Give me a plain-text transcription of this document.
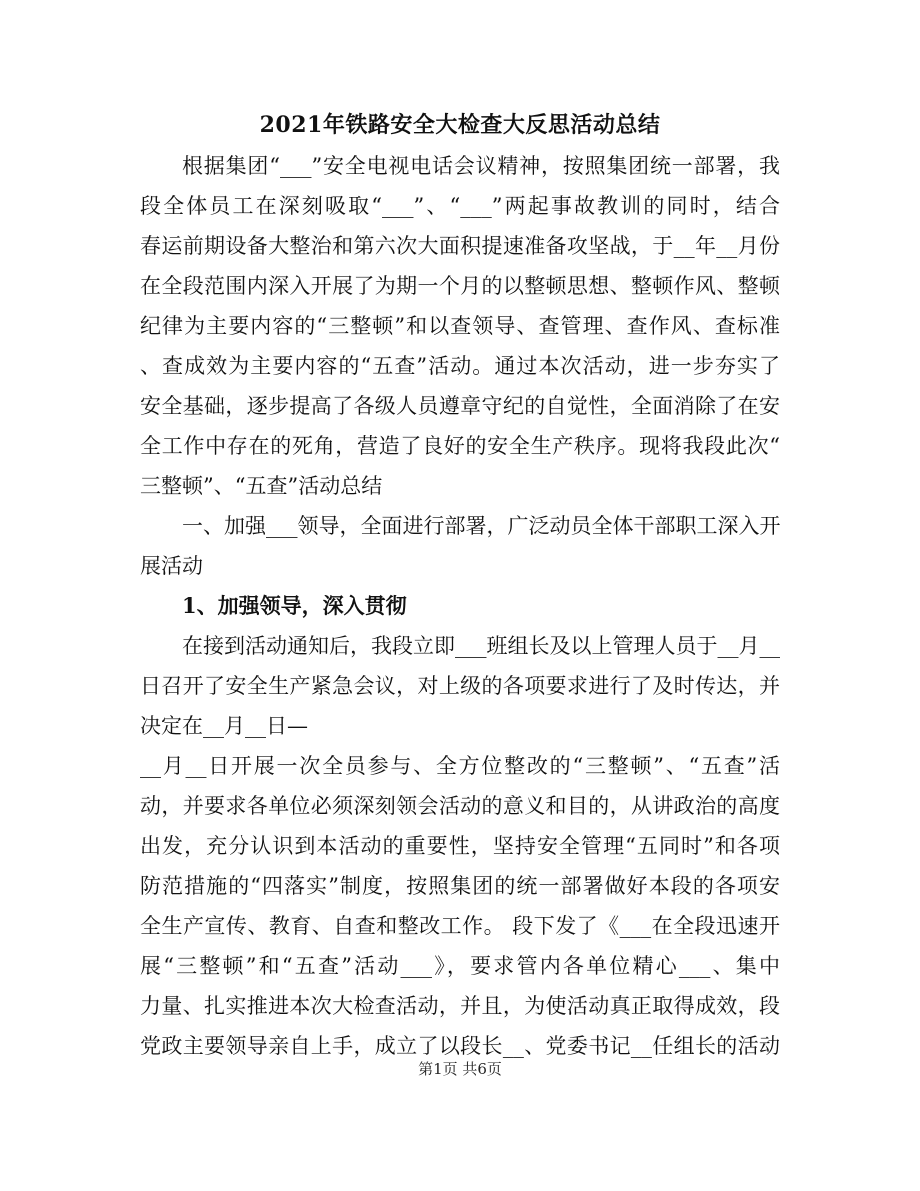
2021年铁路安全大检查大反思活动总结
根据集团“___”安全电视电话会议精神，按照集团统一部署，我
段全体员工在深刻吸取“___”、“___”两起事故教训的同时，结合
春运前期设备大整治和第六次大面积提速准备攻坚战，于__年__月份
在全段范围内深入开展了为期一个月的以整顿思想、整顿作风、整顿
纪律为主要内容的“三整顿”和以查领导、查管理、查作风、查标准
、查成效为主要内容的“五查”活动。通过本次活动，进一步夯实了
安全基础，逐步提高了各级人员遵章守纪的自觉性，全面消除了在安
全工作中存在的死角，营造了良好的安全生产秩序。现将我段此次“
三整顿”、“五查”活动总结
一、加强___领导，全面进行部署，广泛动员全体干部职工深入开
展活动
1、加强领导，深入贯彻
在接到活动通知后，我段立即___班组长及以上管理人员于__月__
日召开了安全生产紧急会议，对上级的各项要求进行了及时传达，并
决定在__月__日—
__月__日开展一次全员参与、全方位整改的“三整顿”、“五查”活
动，并要求各单位必须深刻领会活动的意义和目的，从讲政治的高度
出发，充分认识到本活动的重要性，坚持安全管理“五同时”和各项
防范措施的“四落实”制度，按照集团的统一部署做好本段的各项安
全生产宣传、教育、自查和整改工作。 段下发了《___在全段迅速开
展“三整顿”和“五查”活动___》，要求管内各单位精心___、集中
力量、扎实推进本次大检查活动，并且，为使活动真正取得成效，段
党政主要领导亲自上手，成立了以段长__、党委书记__任组长的活动
第1页 共6页
